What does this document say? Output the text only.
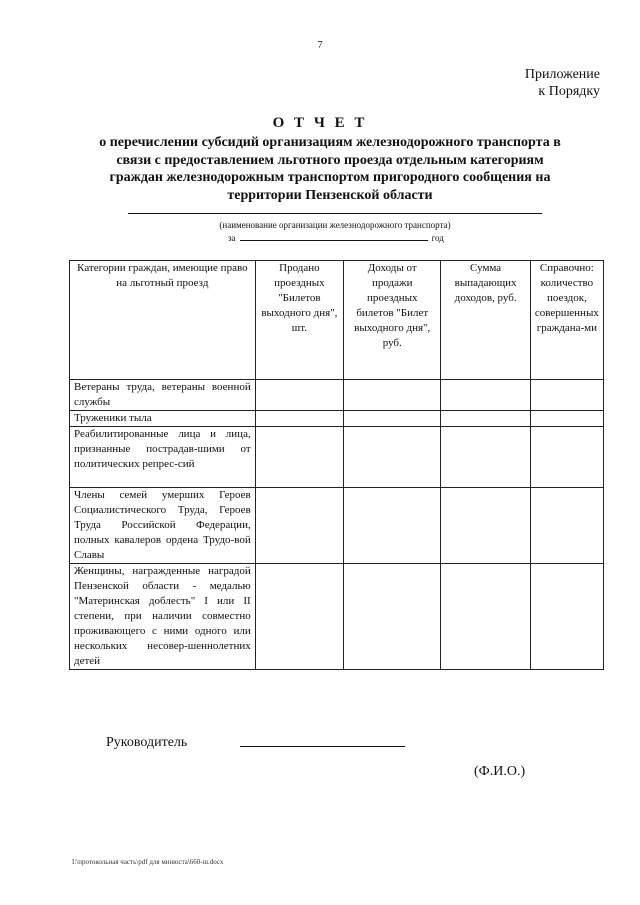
7
Приложение
к Порядку
О Т Ч Е Т
о перечислении субсидий организациям железнодорожного транспорта в связи с предоставлением льготного проезда отдельным категориям граждан железнодорожным транспортом пригородного сообщения на территории Пензенской области
(наименование организации железнодорожного транспорта)
за	год
Категории граждан, имеющие право на льготный проезд	Продано проездных "Билетов выходного дня", шт.	Доходы от продажи проездных билетов "Билет выходного дня", руб.	Сумма выпадающих доходов, руб.	Справочно: количество поездок, совершенных граждана-ми
Ветераны труда, ветераны военной службы				
Труженики тыла				
Реабилитированные лица и лица, признанные пострадав-шими от политических репрес-сий				
Члены семей умерших Героев Социалистического Труда, Героев Труда Российской Федерации, полных кавалеров ордена Трудо-вой Славы				
Женщины, награжденные наградой Пензенской области - медалью "Материнская доблесть" I или II степени, при наличии совместно проживающего с ними одного или нескольких несовер-шеннолетних детей				
Руководитель
(Ф.И.О.)
I:\протокольная часть\pdf для минюста\660-ш.docx
